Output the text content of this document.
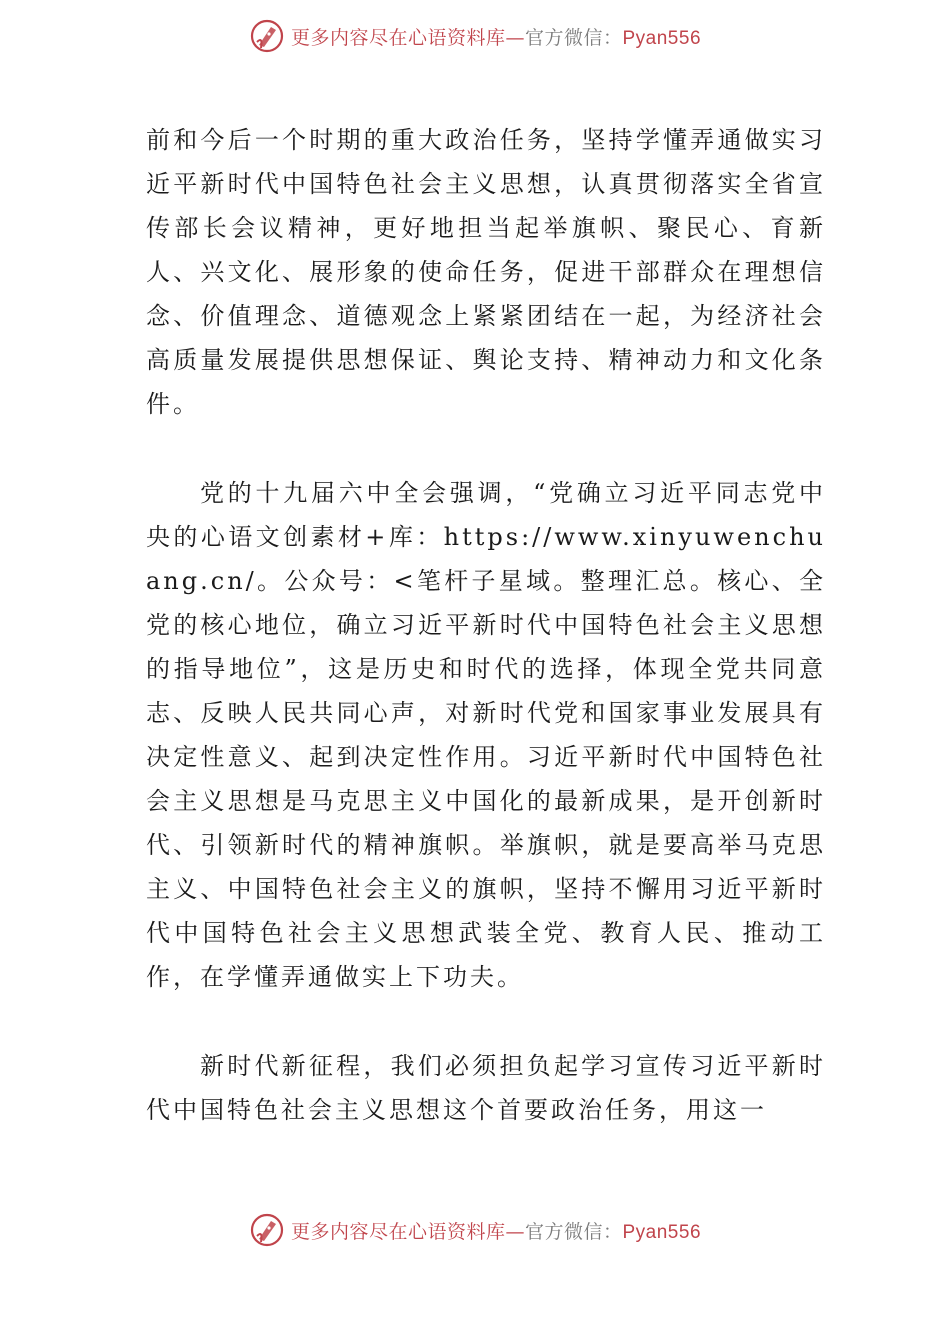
更多内容尽在心语资料库—官方微信：Pyan556

前和今后一个时期的重大政治任务，坚持学懂弄通做实习近平新时代中国特色社会主义思想，认真贯彻落实全省宣传部长会议精神，更好地担当起举旗帜、聚民心、育新人、兴文化、展形象的使命任务，促进干部群众在理想信念、价值理念、道德观念上紧紧团结在一起，为经济社会高质量发展提供思想保证、舆论支持、精神动力和文化条件。

党的十九届六中全会强调，“党确立习近平同志党中央的心语文创素材+库：https://www.xinyuwenchuang.cn/。公众号：<笔杆子星域。整理汇总。核心、全党的核心地位，确立习近平新时代中国特色社会主义思想的指导地位”，这是历史和时代的选择，体现全党共同意志、反映人民共同心声，对新时代党和国家事业发展具有决定性意义、起到决定性作用。习近平新时代中国特色社会主义思想是马克思主义中国化的最新成果，是开创新时代、引领新时代的精神旗帜。举旗帜，就是要高举马克思主义、中国特色社会主义的旗帜，坚持不懈用习近平新时代中国特色社会主义思想武装全党、教育人民、推动工作，在学懂弄通做实上下功夫。

新时代新征程，我们必须担负起学习宣传习近平新时代中国特色社会主义思想这个首要政治任务，用这一

更多内容尽在心语资料库—官方微信：Pyan556
